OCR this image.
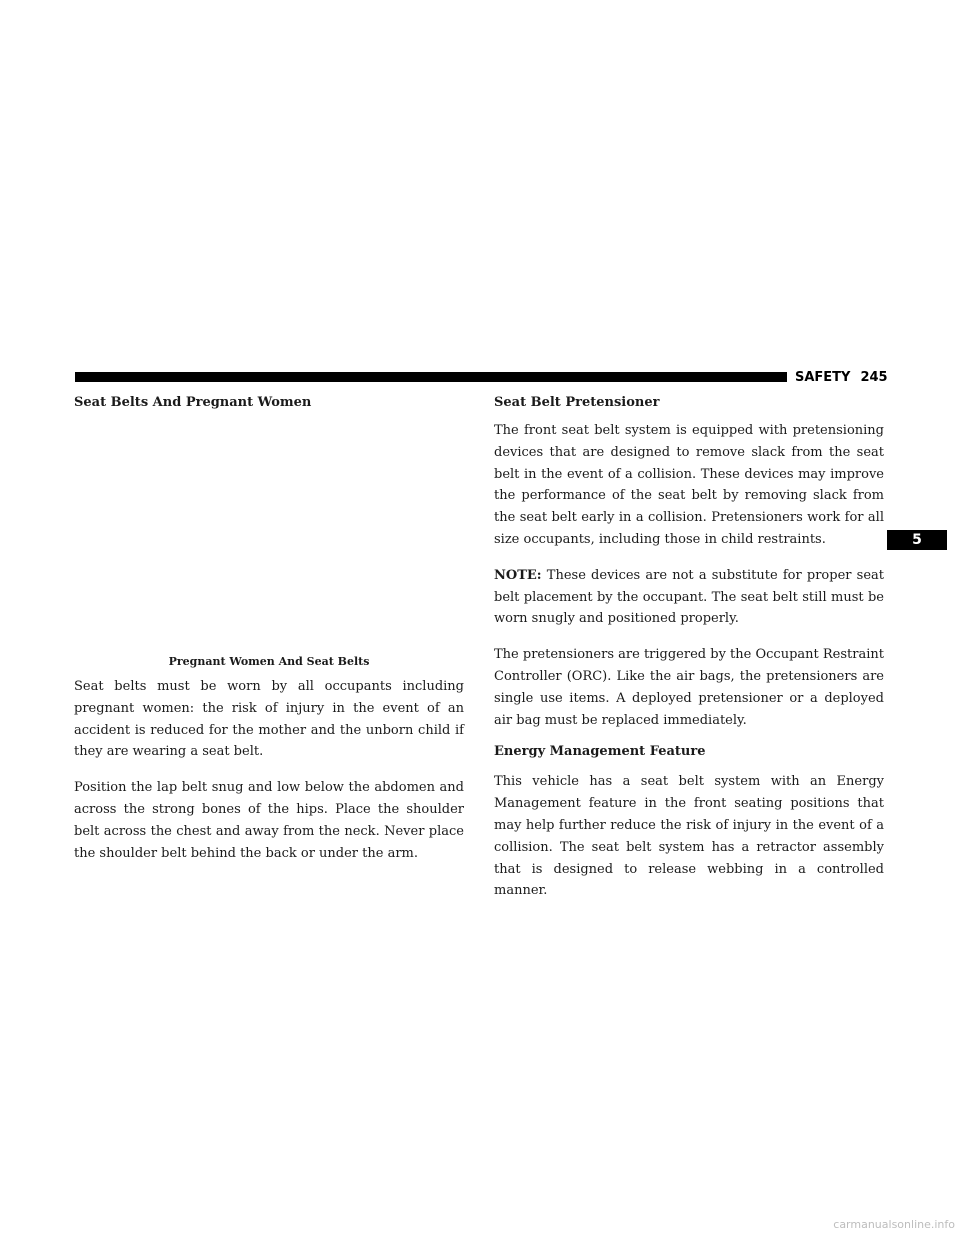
SAFETY 245
5
Seat Belts And Pregnant Women
Pregnant Women And Seat Belts

Seat belts must be worn by all occupants including pregnant women: the risk of injury in the event of an accident is reduced for the mother and the unborn child if they are wearing a seat belt.

Position the lap belt snug and low below the abdomen and across the strong bones of the hips. Place the shoulder belt across the chest and away from the neck. Never place the shoulder belt behind the back or under the arm.

Seat Belt Pretensioner

The front seat belt system is equipped with pretensioning devices that are designed to remove slack from the seat belt in the event of a collision. These devices may improve the performance of the seat belt by removing slack from the seat belt early in a collision. Pretensioners work for all size occupants, including those in child restraints.

NOTE: These devices are not a substitute for proper seat belt placement by the occupant. The seat belt still must be worn snugly and positioned properly.

The pretensioners are triggered by the Occupant Restraint Controller (ORC). Like the air bags, the pretensioners are single use items. A deployed pretensioner or a deployed air bag must be replaced immediately.

Energy Management Feature

This vehicle has a seat belt system with an Energy Management feature in the front seating positions that may help further reduce the risk of injury in the event of a collision. The seat belt system has a retractor assembly that is designed to release webbing in a controlled manner.

carmanualsonline.info
